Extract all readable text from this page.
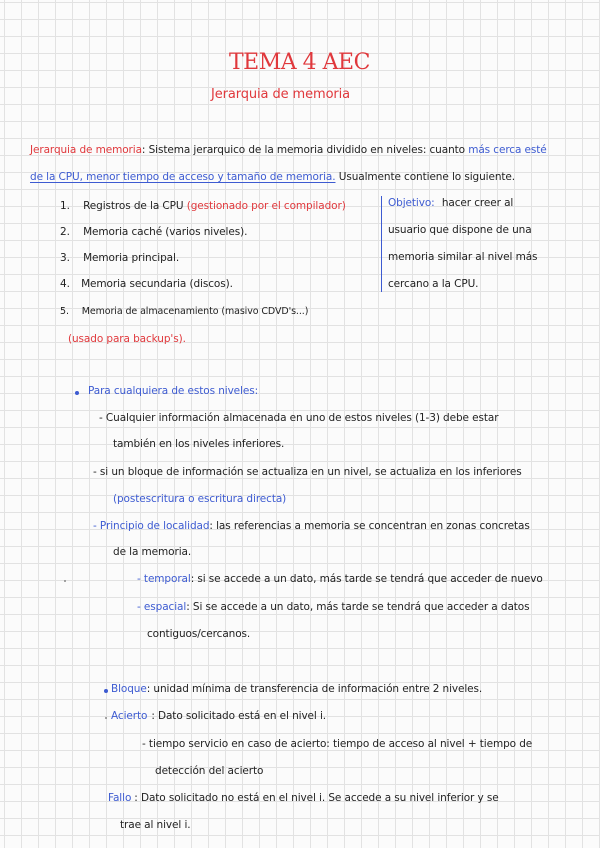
TEMA 4 AEC
Jerarquia de memoria
Jerarquia de memoria: Sistema jerarquico de la memoria dividido en niveles: cuanto más cerca esté
de la CPU, menor tiempo de acceso y tamaño de memoria. Usualmente contiene lo siguiente.
1. Registros de la CPU (gestionado por el compilador)
2. Memoria caché (varios niveles).
3. Memoria principal.
4. Memoria secundaria (discos).
5. Memoria de almacenamiento (masivo CDVD's...)
(usado para backup's).
Objetivo: hacer creer al
usuario que dispone de una
memoria similar al nivel más
cercano a la CPU.
Para cualquiera de estos niveles:
- Cualquier información almacenada en uno de estos niveles (1-3) debe estar
también en los niveles inferiores.
- si un bloque de información se actualiza en un nivel, se actualiza en los inferiores
(postescritura o escritura directa)
- Principio de localidad: las referencias a memoria se concentran en zonas concretas
de la memoria.
- temporal: si se accede a un dato, más tarde se tendrá que acceder de nuevo
- espacial: Si se accede a un dato, más tarde se tendrá que acceder a datos
contiguos/cercanos.
Bloque: unidad mínima de transferencia de información entre 2 niveles.
Acierto : Dato solicitado está en el nivel i.
- tiempo servicio en caso de acierto: tiempo de acceso al nivel + tiempo de
detección del acierto
Fallo : Dato solicitado no está en el nivel i. Se accede a su nivel inferior y se
trae al nivel i.
